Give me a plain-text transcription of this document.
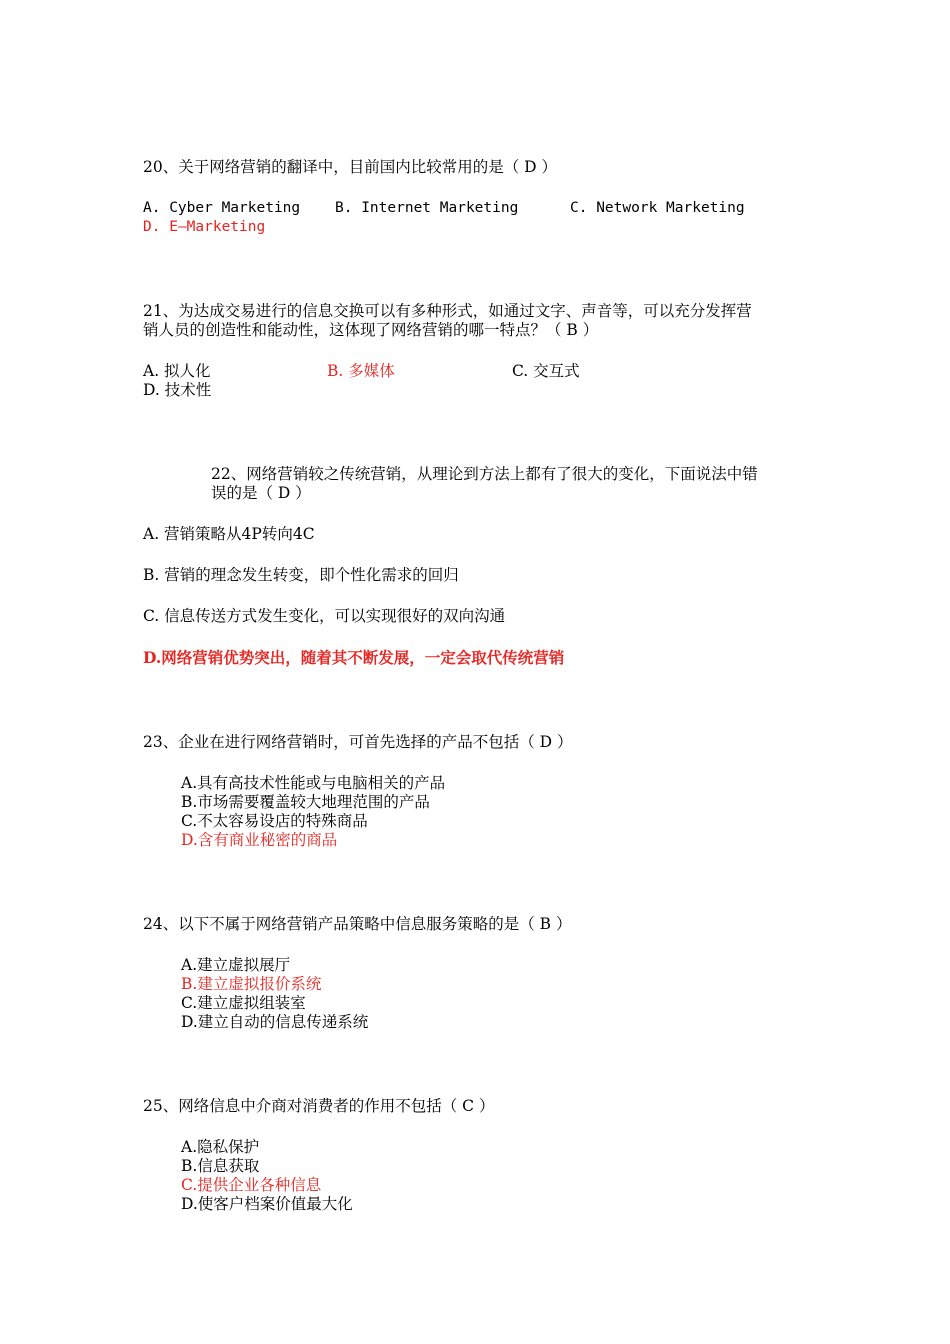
20、关于网络营销的翻译中，目前国内比较常用的是（ D ）

A. Cyber Marketing B. Internet Marketing	C. Network Marketing
D. E—Marketing

21、为达成交易进行的信息交换可以有多种形式，如通过文字、声音等，可以充分发挥营

销人员的创造性和能动性，这体现了网络营销的哪一特点？（ B ）

A. 拟人化	B. 多媒体	C. 交互式
D. 技术性

22、网络营销较之传统营销，从理论到方法上都有了很大的变化，下面说法中错

误的是（ D ）

A. 营销策略从4P转向4C
B. 营销的理念发生转变，即个性化需求的回归
C. 信息传送方式发生变化，可以实现很好的双向沟通
D.网络营销优势突出，随着其不断发展，一定会取代传统营销

23、企业在进行网络营销时，可首先选择的产品不包括（ D ）

A.具有高技术性能或与电脑相关的产品
B.市场需要覆盖较大地理范围的产品
C.不太容易设店的特殊商品
D.含有商业秘密的商品

24、以下不属于网络营销产品策略中信息服务策略的是（ B ）

A.建立虚拟展厅
B.建立虚拟报价系统
C.建立虚拟组装室
D.建立自动的信息传递系统

25、网络信息中介商对消费者的作用不包括（ C ）

A.隐私保护
B.信息获取
C.提供企业各种信息
D.使客户档案价值最大化
